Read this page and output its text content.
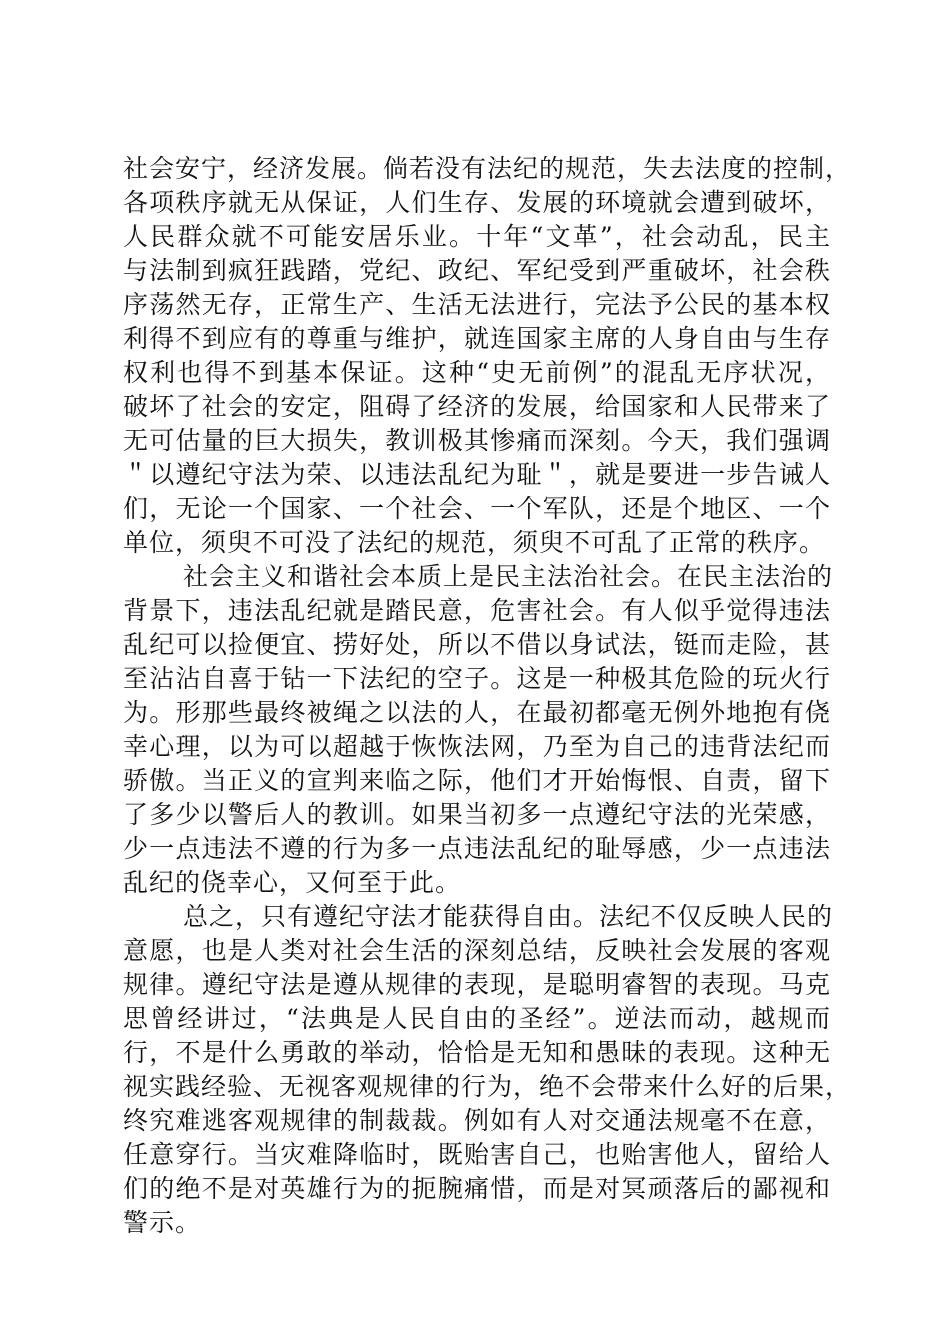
社会安宁，经济发展。倘若没有法纪的规范，失去法度的控制，
各项秩序就无从保证，人们生存、发展的环境就会遭到破坏，
人民群众就不可能安居乐业。十年“文革”，社会动乱，民主
与法制到疯狂践踏，党纪、政纪、军纪受到严重破坏，社会秩
序荡然无存，正常生产、生活无法进行，完法予公民的基本权
利得不到应有的尊重与维护，就连国家主席的人身自由与生存
权利也得不到基本保证。这种“史无前例”的混乱无序状况，
破坏了社会的安定，阻碍了经济的发展，给国家和人民带来了
无可估量的巨大损失，教训极其惨痛而深刻。今天，我们强调
＂以遵纪守法为荣、以违法乱纪为耻＂，就是要进一步告诫人
们，无论一个国家、一个社会、一个军队，还是个地区、一个
单位，须臾不可没了法纪的规范，须臾不可乱了正常的秩序。
社会主义和谐社会本质上是民主法治社会。在民主法治的
背景下，违法乱纪就是踏民意，危害社会。有人似乎觉得违法
乱纪可以捡便宜、捞好处，所以不借以身试法，铤而走险，甚
至沾沾自喜于钻一下法纪的空子。这是一种极其危险的玩火行
为。形那些最终被绳之以法的人，在最初都毫无例外地抱有侥
幸心理，以为可以超越于恢恢法网，乃至为自己的违背法纪而
骄傲。当正义的宣判来临之际，他们才开始悔恨、自责，留下
了多少以警后人的教训。如果当初多一点遵纪守法的光荣感，
少一点违法不遵的行为多一点违法乱纪的耻辱感，少一点违法
乱纪的侥幸心，又何至于此。
总之，只有遵纪守法才能获得自由。法纪不仅反映人民的
意愿，也是人类对社会生活的深刻总结，反映社会发展的客观
规律。遵纪守法是遵从规律的表现，是聪明睿智的表现。马克
思曾经讲过，“法典是人民自由的圣经”。逆法而动，越规而
行，不是什么勇敢的举动，恰恰是无知和愚昧的表现。这种无
视实践经验、无视客观规律的行为，绝不会带来什么好的后果，
终究难逃客观规律的制裁裁。例如有人对交通法规毫不在意，
任意穿行。当灾难降临时，既贻害自己，也贻害他人，留给人
们的绝不是对英雄行为的扼腕痛惜，而是对冥顽落后的鄙视和
警示。
